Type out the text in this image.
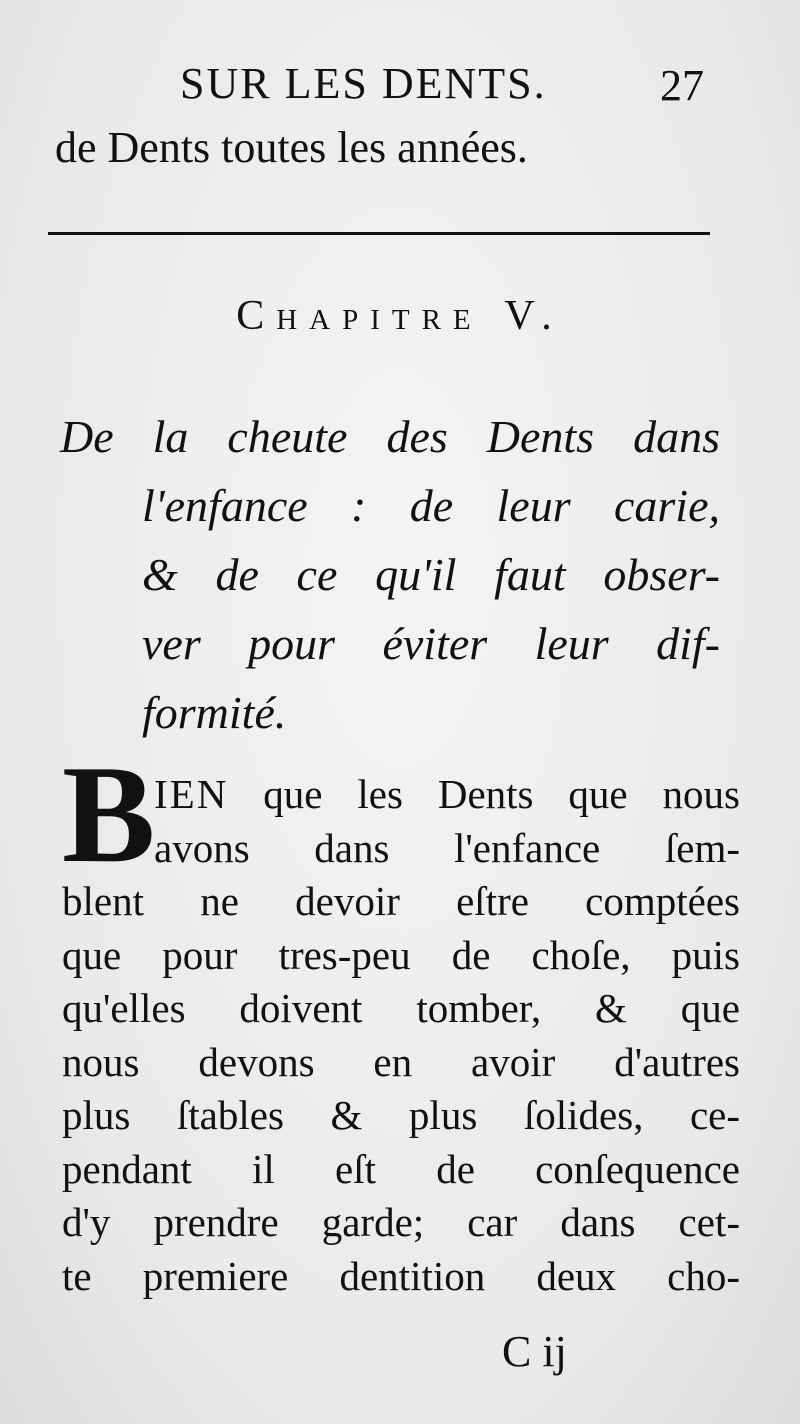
SUR LES DENTS.	27
de Dents toutes les années.
Chapitre V.
De la cheute des Dents dans
l'enfance : de leur carie,
& de ce qu'il faut obser-
ver pour éviter leur dif-
formité.
B
IEN que les Dents que nous
avons dans l'enfance ſem-
blent ne devoir eſtre comptées
que pour tres-peu de choſe, puis
qu'elles doivent tomber, & que
nous devons en avoir d'autres
plus ſtables & plus ſolides, ce-
pendant il eſt de conſequence
d'y prendre garde; car dans cet-
te premiere dentition deux cho-
C ij
